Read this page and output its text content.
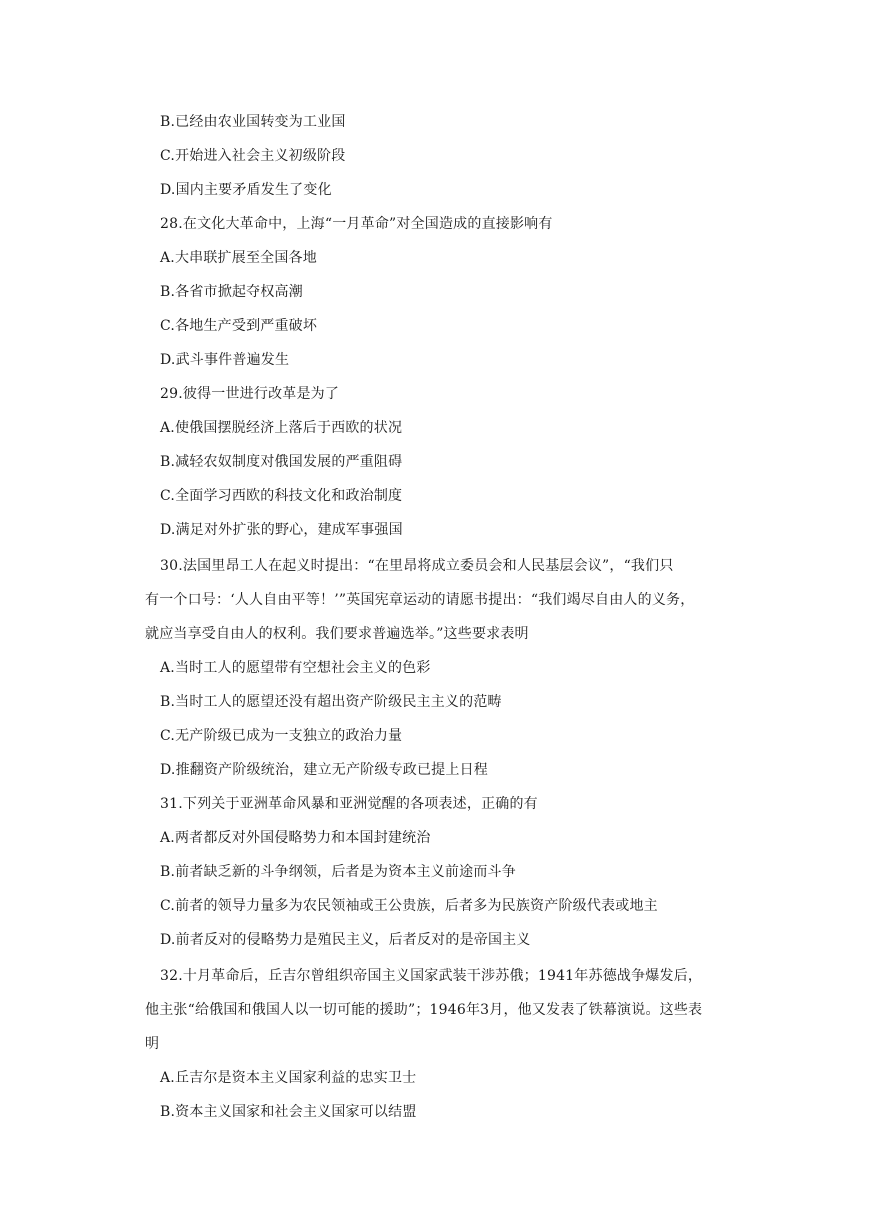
B.已经由农业国转变为工业国
C.开始进入社会主义初级阶段
D.国内主要矛盾发生了变化
28.在文化大革命中，上海“一月革命”对全国造成的直接影响有
A.大串联扩展至全国各地
B.各省市掀起夺权高潮
C.各地生产受到严重破坏
D.武斗事件普遍发生
29.彼得一世进行改革是为了
A.使俄国摆脱经济上落后于西欧的状况
B.减轻农奴制度对俄国发展的严重阻碍
C.全面学习西欧的科技文化和政治制度
D.满足对外扩张的野心，建成军事强国
30.法国里昂工人在起义时提出：“在里昂将成立委员会和人民基层会议”，“我们只
有一个口号：‘人人自由平等！’”英国宪章运动的请愿书提出：“我们竭尽自由人的义务，
就应当享受自由人的权利。我们要求普遍选举。”这些要求表明
A.当时工人的愿望带有空想社会主义的色彩
B.当时工人的愿望还没有超出资产阶级民主主义的范畴
C.无产阶级已成为一支独立的政治力量
D.推翻资产阶级统治，建立无产阶级专政已提上日程
31.下列关于亚洲革命风暴和亚洲觉醒的各项表述，正确的有
A.两者都反对外国侵略势力和本国封建统治
B.前者缺乏新的斗争纲领，后者是为资本主义前途而斗争
C.前者的领导力量多为农民领袖或王公贵族，后者多为民族资产阶级代表或地主
D.前者反对的侵略势力是殖民主义，后者反对的是帝国主义
32.十月革命后，丘吉尔曾组织帝国主义国家武装干涉苏俄；1941年苏德战争爆发后，
他主张“给俄国和俄国人以一切可能的援助”；1946年3月，他又发表了铁幕演说。这些表
明
A.丘吉尔是资本主义国家利益的忠实卫士
B.资本主义国家和社会主义国家可以结盟
